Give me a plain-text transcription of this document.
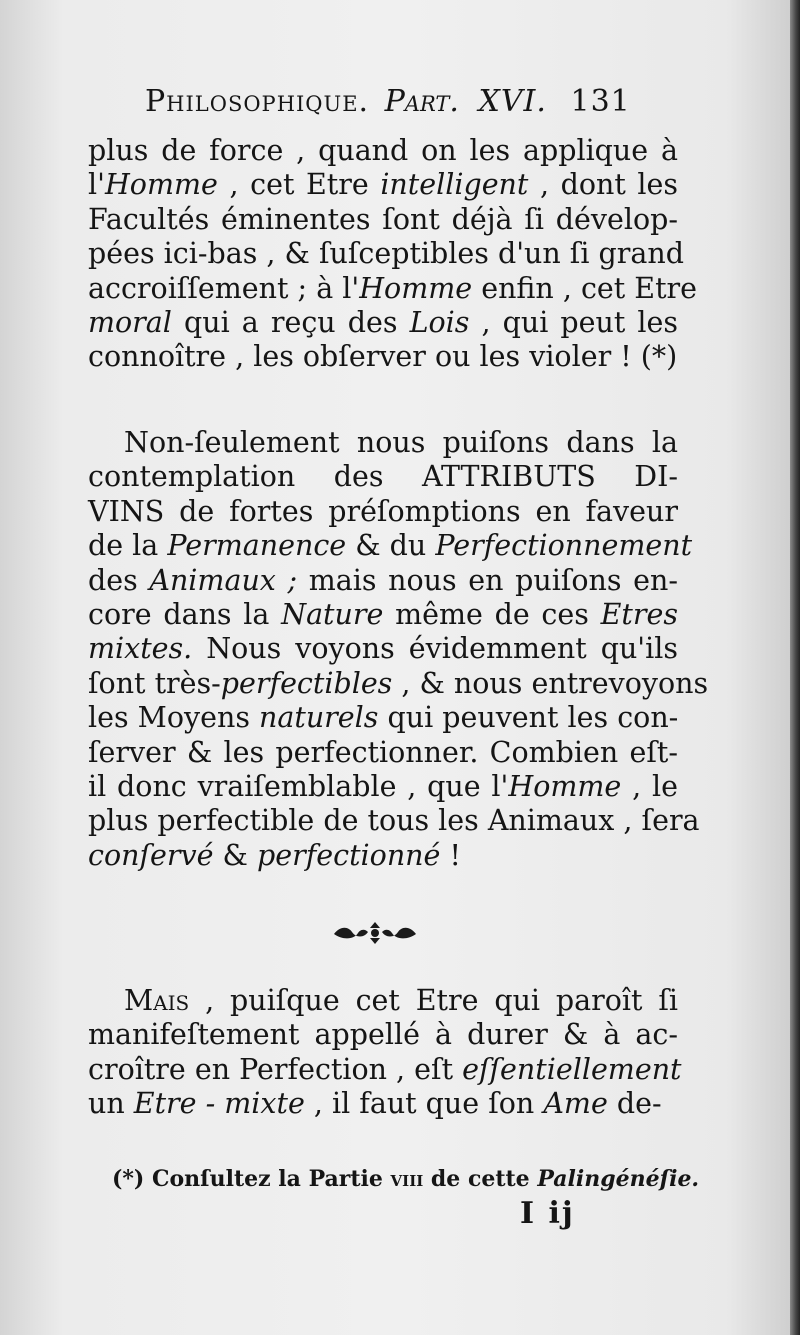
Philosophique. Part. XVI. 131
plus de force , quand on les applique à
l'Homme , cet Etre intelligent , dont les
Facultés éminentes ſont déjà ſi dévelop-
pées ici-bas , & ſuſceptibles d'un ſi grand
accroiſſement ; à l'Homme enfin , cet Etre
moral qui a reçu des Lois , qui peut les
connoître , les obſerver ou les violer ! (*)
Non-ſeulement nous puiſons dans la
contemplation des ATTRIBUTS DI-
VINS de fortes préſomptions en faveur
de la Permanence & du Perfectionnement
des Animaux ; mais nous en puiſons en-
core dans la Nature même de ces Etres
mixtes. Nous voyons évidemment qu'ils
ſont très-perfectibles , & nous entrevoyons
les Moyens naturels qui peuvent les con-
ſerver & les perfectionner. Combien eſt-
il donc vraiſemblable , que l'Homme , le
plus perfectible de tous les Animaux , ſera
conſervé & perfectionné !
Mais , puiſque cet Etre qui paroît ſi
manifeſtement appellé à durer & à ac-
croître en Perfection , eſt eſſentiellement
un Etre - mixte , il faut que ſon Ame de-
(*) Conſultez la Partie viii de cette Palingénéſie.
I ij
